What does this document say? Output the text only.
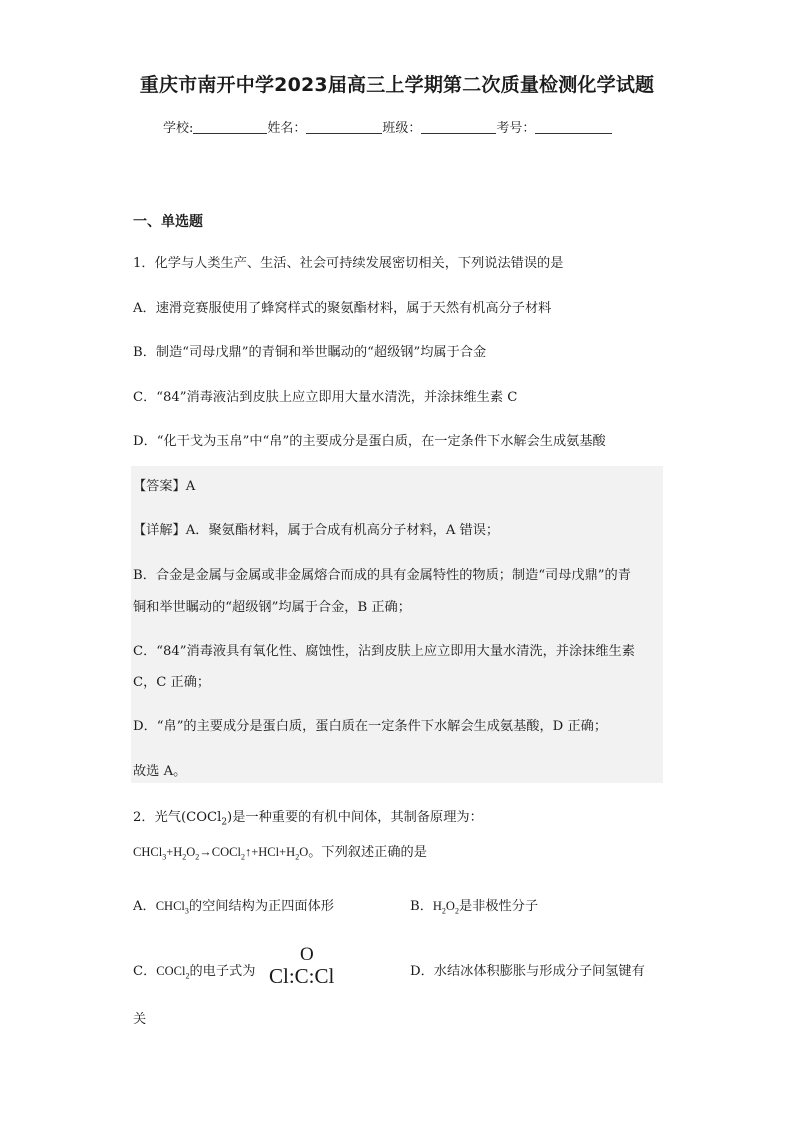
重庆市南开中学2023届高三上学期第二次质量检测化学试题
学校:	姓名：	班级：	考号：
一、单选题
1．化学与人类生产、生活、社会可持续发展密切相关，下列说法错误的是
A．速滑竞赛服使用了蜂窝样式的聚氨酯材料，属于天然有机高分子材料
B．制造“司母戊鼎”的青铜和举世瞩动的“超级钢”均属于合金
C．“84”消毒液沾到皮肤上应立即用大量水清洗，并涂抹维生素 C
D．“化干戈为玉帛”中“帛”的主要成分是蛋白质，在一定条件下水解会生成氨基酸
【答案】A
【详解】A．聚氨酯材料，属于合成有机高分子材料，A 错误；
B．合金是金属与金属或非金属熔合而成的具有金属特性的物质；制造“司母戊鼎”的青
铜和举世瞩动的“超级钢”均属于合金，B 正确；
C．“84”消毒液具有氧化性、腐蚀性，沾到皮肤上应立即用大量水清洗，并涂抹维生素
C，C 正确；
D．“帛”的主要成分是蛋白质，蛋白质在一定条件下水解会生成氨基酸，D 正确；
故选 A。
2．光气(COCl$_2$)是一种重要的有机中间体，其制备原理为：
$CHCl_3+H_2O_2\to COCl_2↑+HCl+H_2O$。下列叙述正确的是
A．CHCl$_3$的空间结构为正四面体形	B．$H_2O_2$是非极性分子
C．COCl$_2$的电子式为
O
Cl:C:Cl	D．水结冰体积膨胀与形成分子间氢键有
关
